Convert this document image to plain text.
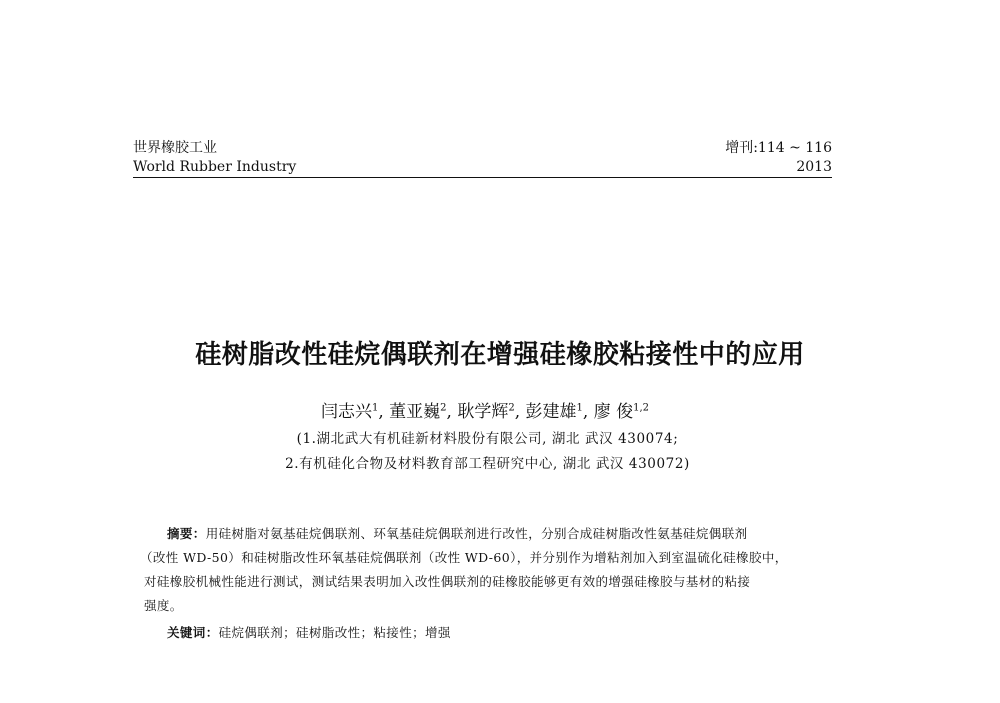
世界橡胶工业	增刊:114 ~ 116
World Rubber Industry	2013
硅树脂改性硅烷偶联剂在增强硅橡胶粘接性中的应用
闫志兴$^1$, 董亚巍$^2$, 耿学辉$^2$, 彭建雄$^1$, 廖 俊$^{1,2}$
(1.湖北武大有机硅新材料股份有限公司, 湖北 武汉 430074;
2.有机硅化合物及材料教育部工程研究中心, 湖北 武汉 430072)
摘要：用硅树脂对氨基硅烷偶联剂、环氧基硅烷偶联剂进行改性，分别合成硅树脂改性氨基硅烷偶联剂
（改性 WD-50）和硅树脂改性环氧基硅烷偶联剂（改性 WD-60），并分别作为增粘剂加入到室温硫化硅橡胶中，
对硅橡胶机械性能进行测试，测试结果表明加入改性偶联剂的硅橡胶能够更有效的增强硅橡胶与基材的粘接
强度。
关键词：硅烷偶联剂；硅树脂改性；粘接性；增强
